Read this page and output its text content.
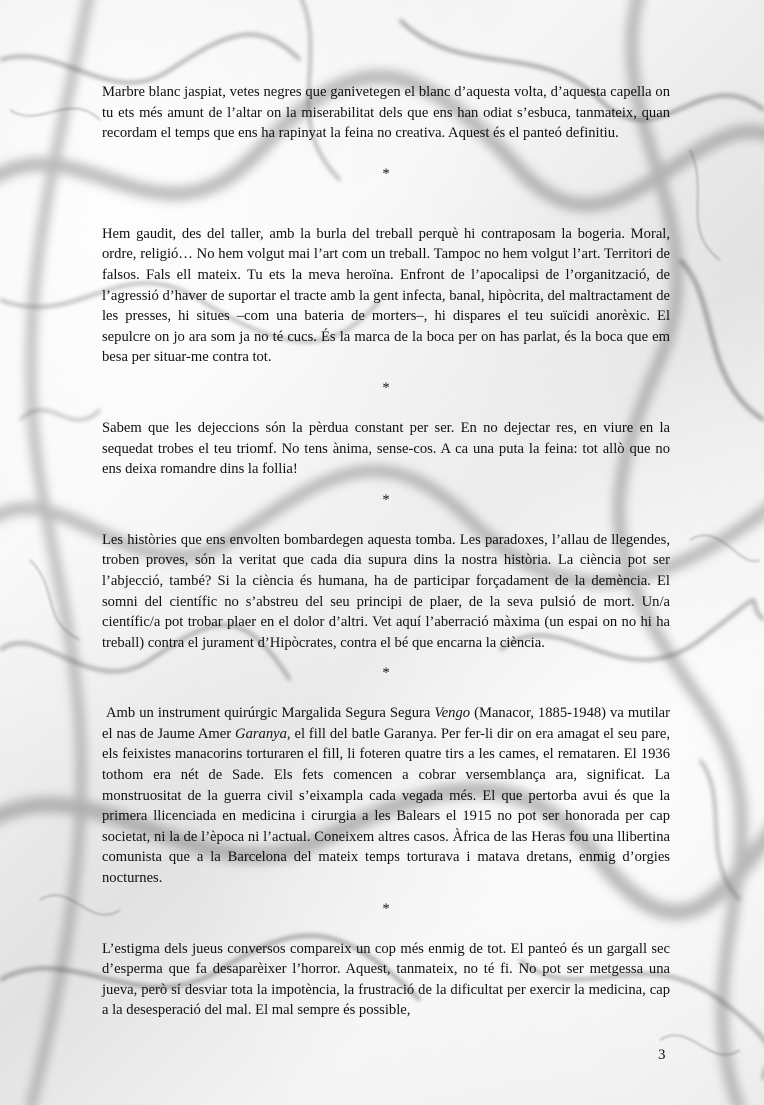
Marbre blanc jaspiat, vetes negres que ganivetegen el blanc d’aquesta volta, d’aquesta capella on tu ets més amunt de l’altar on la miserabilitat dels que ens han odiat s’esbuca, tanmateix, quan recordam el temps que ens ha rapinyat la feina no creativa. Aquest és el panteó definitiu.

*

Hem gaudit, des del taller, amb la burla del treball perquè hi contraposam la bogeria. Moral, ordre, religió… No hem volgut mai l’art com un treball. Tampoc no hem volgut l’art. Territori de falsos. Fals ell mateix. Tu ets la meva heroïna. Enfront de l’apocalipsi de l’organització, de l’agressió d’haver de suportar el tracte amb la gent infecta, banal, hipòcrita, del maltractament de les presses, hi situes –com una bateria de morters–, hi dispares el teu suïcidi anorèxic. El sepulcre on jo ara som ja no té cucs. És la marca de la boca per on has parlat, és la boca que em besa per situar-me contra tot.

*

Sabem que les dejeccions són la pèrdua constant per ser. En no dejectar res, en viure en la sequedat trobes el teu triomf. No tens ànima, sense-cos. A ca una puta la feina: tot allò que no ens deixa romandre dins la follia!

*

Les històries que ens envolten bombardegen aquesta tomba. Les paradoxes, l’allau de llegendes, troben proves, són la veritat que cada dia supura dins la nostra història. La ciència pot ser l’abjecció, també? Si la ciència és humana, ha de participar forçadament de la demència. El somni del científic no s’abstreu del seu principi de plaer, de la seva pulsió de mort. Un/a científic/a pot trobar plaer en el dolor d’altri. Vet aquí l’aberració màxima (un espai on no hi ha treball) contra el jurament d’Hipòcrates, contra el bé que encarna la ciència.

*

Amb un instrument quirúrgic Margalida Segura Segura Vengo (Manacor, 1885-1948) va mutilar el nas de Jaume Amer Garanya, el fill del batle Garanya. Per fer-li dir on era amagat el seu pare, els feixistes manacorins torturaren el fill, li foteren quatre tirs a les cames, el remataren. El 1936 tothom era nét de Sade. Els fets comencen a cobrar versemblança ara, significat. La monstruositat de la guerra civil s’eixampla cada vegada més. El que pertorba avui és que la primera llicenciada en medicina i cirurgia a les Balears el 1915 no pot ser honorada per cap societat, ni la de l’època ni l’actual. Coneixem altres casos. Àfrica de las Heras fou una llibertina comunista que a la Barcelona del mateix temps torturava i matava dretans, enmig d’orgies nocturnes.

*

L’estigma dels jueus conversos compareix un cop més enmig de tot. El panteó és un gargall sec d’esperma que fa desaparèixer l’horror. Aquest, tanmateix, no té fi. No pot ser metgessa una jueva, però sí desviar tota la impotència, la frustració de la dificultat per exercir la medicina, cap a la desesperació del mal. El mal sempre és possible,

3
